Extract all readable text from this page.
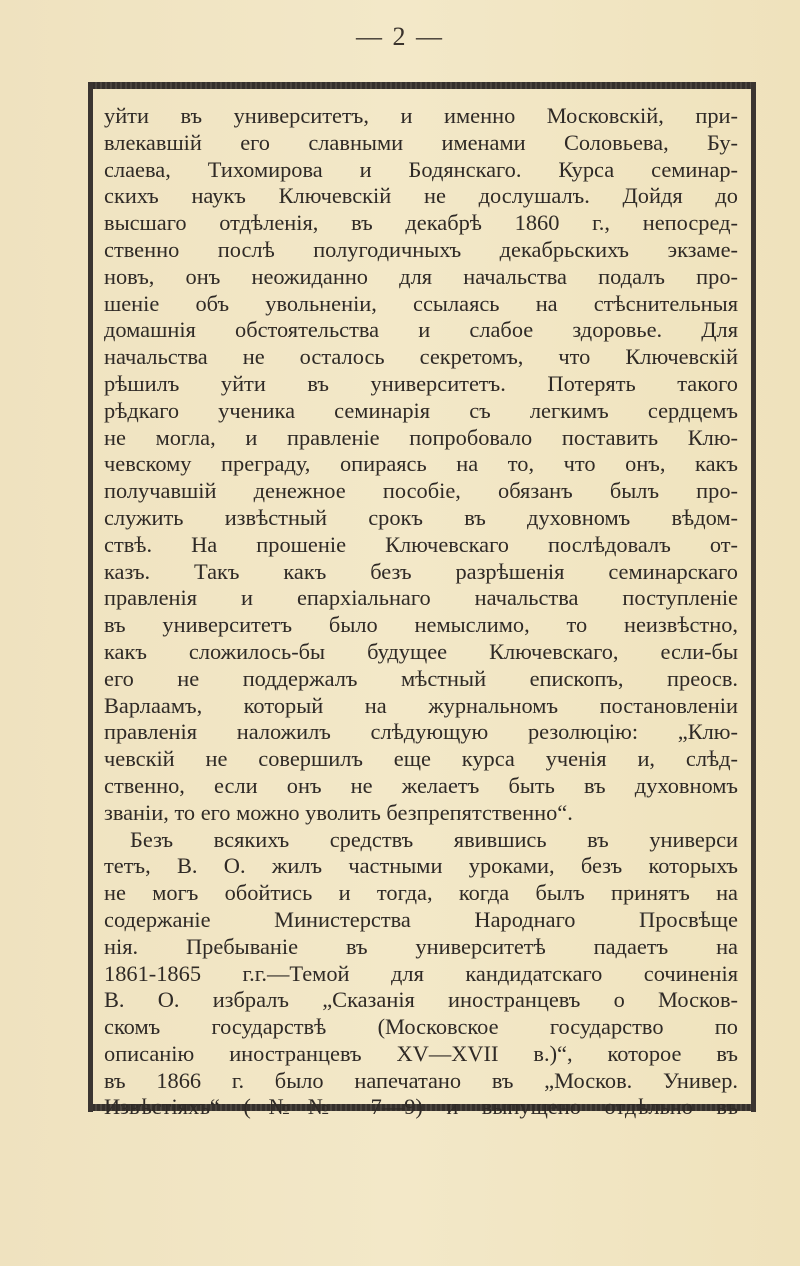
— 2 —
уйти въ университетъ, и именно Московскiй, при-
влекавшiй его славными именами Соловьева, Бу-
слаева, Тихомирова и Бодянскаго. Курса семинар-
скихъ наукъ Ключевскiй не дослушалъ. Дойдя до
высшаго отдѣленiя, въ декабрѣ 1860 г., непосред-
ственно послѣ полугодичныхъ декабрьскихъ экзаме-
новъ, онъ неожиданно для начальства подалъ про-
шенiе объ увольненiи, ссылаясь на стѣснительныя
домашнiя обстоятельства и слабое здоровье. Для
начальства не осталось секретомъ, что Ключевскiй
рѣшилъ уйти въ университетъ. Потерять такого
рѣдкаго ученика семинарiя съ легкимъ сердцемъ
не могла, и правленiе попробовало поставить Клю-
чевскому преграду, опираясь на то, что онъ, какъ
получавшiй денежное пособiе, обязанъ былъ про-
служить извѣстный срокъ въ духовномъ вѣдом-
ствѣ. На прошенiе Ключевскаго послѣдовалъ от-
казъ. Такъ какъ безъ разрѣшенiя семинарскаго
правленiя и епархiальнаго начальства поступленiе
въ университетъ было немыслимо, то неизвѣстно,
какъ сложилось-бы будущее Ключевскаго, если-бы
его не поддержалъ мѣстный епископъ, преосв.
Варлаамъ, который на журнальномъ постановленiи
правленiя наложилъ слѣдующую резолюцiю: „Клю-
чевскiй не совершилъ еще курса ученiя и, слѣд-
ственно, если онъ не желаетъ быть въ духовномъ
званiи, то его можно уволить безпрепятственно“.
Безъ всякихъ средствъ явившись въ универси
тетъ, В. О. жилъ частными уроками, безъ которыхъ
не могъ обойтись и тогда, когда былъ принятъ на
содержанiе Министерства Народнаго Просвѣще
нiя. Пребыванiе въ университетѣ падаетъ на
1861-1865 г.г.—Темой для кандидатскаго сочиненiя
В. О. избралъ „Сказанiя иностранцевъ о Москов-
скомъ государствѣ (Московское государство по
описанiю иностранцевъ XV—XVII в.)“, которое въ
въ 1866 г. было напечатано въ „Москов. Универ.
Извѣстiяхъ“ (№№ 7—9) и выпущено отдѣльно въ
